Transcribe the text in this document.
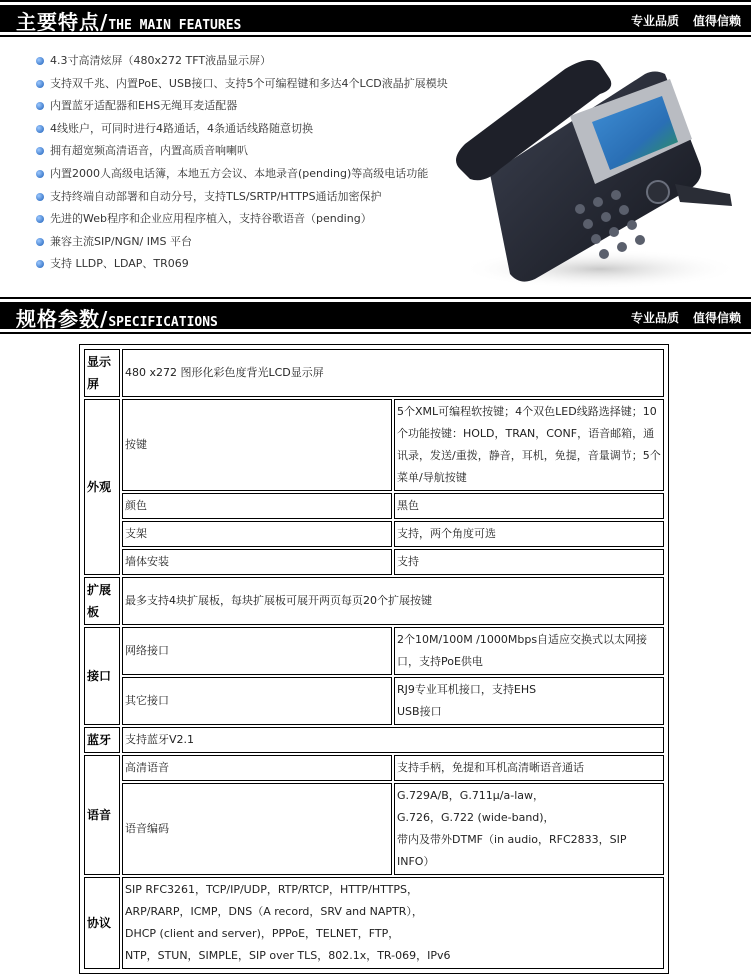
主要特点/THE MAIN FEATURES	专业品质 值得信赖
4.3寸高清炫屏（480x272 TFT液晶显示屏）
支持双千兆、内置PoE、USB接口、支持5个可编程键和多达4个LCD液晶扩展模块
内置蓝牙适配器和EHS无绳耳麦适配器
4线账户，可同时进行4路通话，4条通话线路随意切换
拥有超宽频高清语音，内置高质音响喇叭
内置2000人高级电话簿，本地五方会议、本地录音(pending)等高级电话功能
支持终端自动部署和自动分号，支持TLS/SRTP/HTTPS通话加密保护
先进的Web程序和企业应用程序植入，支持谷歌语音（pending）
兼容主流SIP/NGN/ IMS 平台
支持 LLDP、LDAP、TR069
规格参数/SPECIFICATIONS	专业品质 值得信赖
显示屏	480 x272 图形化彩色度背光LCD显示屏	
外观	按键	5个XML可编程软按键；4个双色LED线路选择键；10个功能按键：HOLD，TRAN，CONF，语音邮箱，通讯录，发送/重拨，静音，耳机，免提，音量调节；5个菜单/导航按键
	颜色	黑色
	支架	支持，两个角度可选
	墙体安装	支持
扩展板	最多支持4块扩展板，每块扩展板可展开两页每页20个扩展按键	
接口	网络接口	2个10M/100M /1000Mbps自适应交换式以太网接口，支持PoE供电
	其它接口	RJ9专业耳机接口，支持EHS
USB接口

蓝牙	支持蓝牙V2.1	
语音	高清语音	支持手柄，免提和耳机高清晰语音通话
	语音编码	G.729A/B，G.711μ/a-law，
G.726，G.722 (wide-band)，
带内及带外DTMF（in audio，RFC2833，SIP INFO）

协议	SIP RFC3261，TCP/IP/UDP，RTP/RTCP，HTTP/HTTPS，
ARP/RARP，ICMP，DNS（A record，SRV and NAPTR），
DHCP (client and server)，PPPoE，TELNET，FTP，
NTP，STUN，SIMPLE，SIP over TLS，802.1x，TR-069，IPv6	
